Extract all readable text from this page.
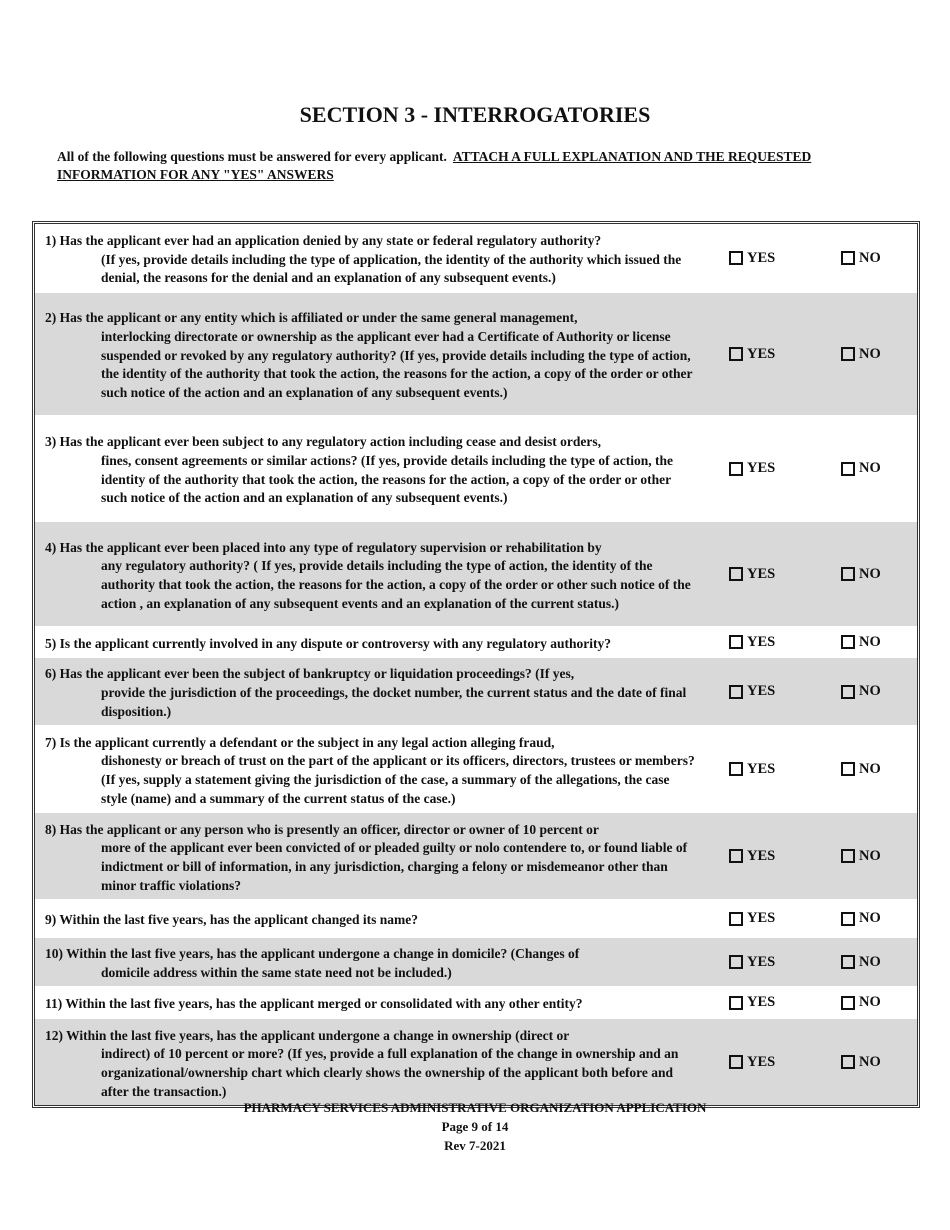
SECTION 3 - INTERROGATORIES
All of the following questions must be answered for every applicant. ATTACH A FULL EXPLANATION AND THE REQUESTED INFORMATION FOR ANY "YES" ANSWERS
1) Has the applicant ever had an application denied by any state or federal regulatory authority?
(If yes, provide details including the type of application, the identity of the authority which issued the denial, the reasons for the denial and an explanation of any subsequent events.)
YES	NO
2) Has the applicant or any entity which is affiliated or under the same general management,
interlocking directorate or ownership as the applicant ever had a Certificate of Authority or license suspended or revoked by any regulatory authority? (If yes, provide details including the type of action, the identity of the authority that took the action, the reasons for the action, a copy of the order or other such notice of the action and an explanation of any subsequent events.)
YES	NO
3) Has the applicant ever been subject to any regulatory action including cease and desist orders,
fines, consent agreements or similar actions? (If yes, provide details including the type of action, the identity of the authority that took the action, the reasons for the action, a copy of the order or other such notice of the action and an explanation of any subsequent events.)
YES	NO
4) Has the applicant ever been placed into any type of regulatory supervision or rehabilitation by
any regulatory authority? ( If yes, provide details including the type of action, the identity of the authority that took the action, the reasons for the action, a copy of the order or other such notice of the action , an explanation of any subsequent events and an explanation of the current status.)
YES	NO
5) Is the applicant currently involved in any dispute or controversy with any regulatory authority?	YES	NO
6) Has the applicant ever been the subject of bankruptcy or liquidation proceedings? (If yes,
provide the jurisdiction of the proceedings, the docket number, the current status and the date of final disposition.)
YES	NO
7) Is the applicant currently a defendant or the subject in any legal action alleging fraud,
dishonesty or breach of trust on the part of the applicant or its officers, directors, trustees or members? (If yes, supply a statement giving the jurisdiction of the case, a summary of the allegations, the case style (name) and a summary of the current status of the case.)
YES	NO
8) Has the applicant or any person who is presently an officer, director or owner of 10 percent or
more of the applicant ever been convicted of or pleaded guilty or nolo contendere to, or found liable of indictment or bill of information, in any jurisdiction, charging a felony or misdemeanor other than minor traffic violations?
YES	NO
9) Within the last five years, has the applicant changed its name?	YES	NO
10) Within the last five years, has the applicant undergone a change in domicile? (Changes of
domicile address within the same state need not be included.)
YES	NO
11) Within the last five years, has the applicant merged or consolidated with any other entity?	YES	NO
12) Within the last five years, has the applicant undergone a change in ownership (direct or
indirect) of 10 percent or more? (If yes, provide a full explanation of the change in ownership and an organizational/ownership chart which clearly shows the ownership of the applicant both before and after the transaction.)
YES	NO
PHARMACY SERVICES ADMINISTRATIVE ORGANIZATION APPLICATION
Page 9 of 14
Rev 7-2021
